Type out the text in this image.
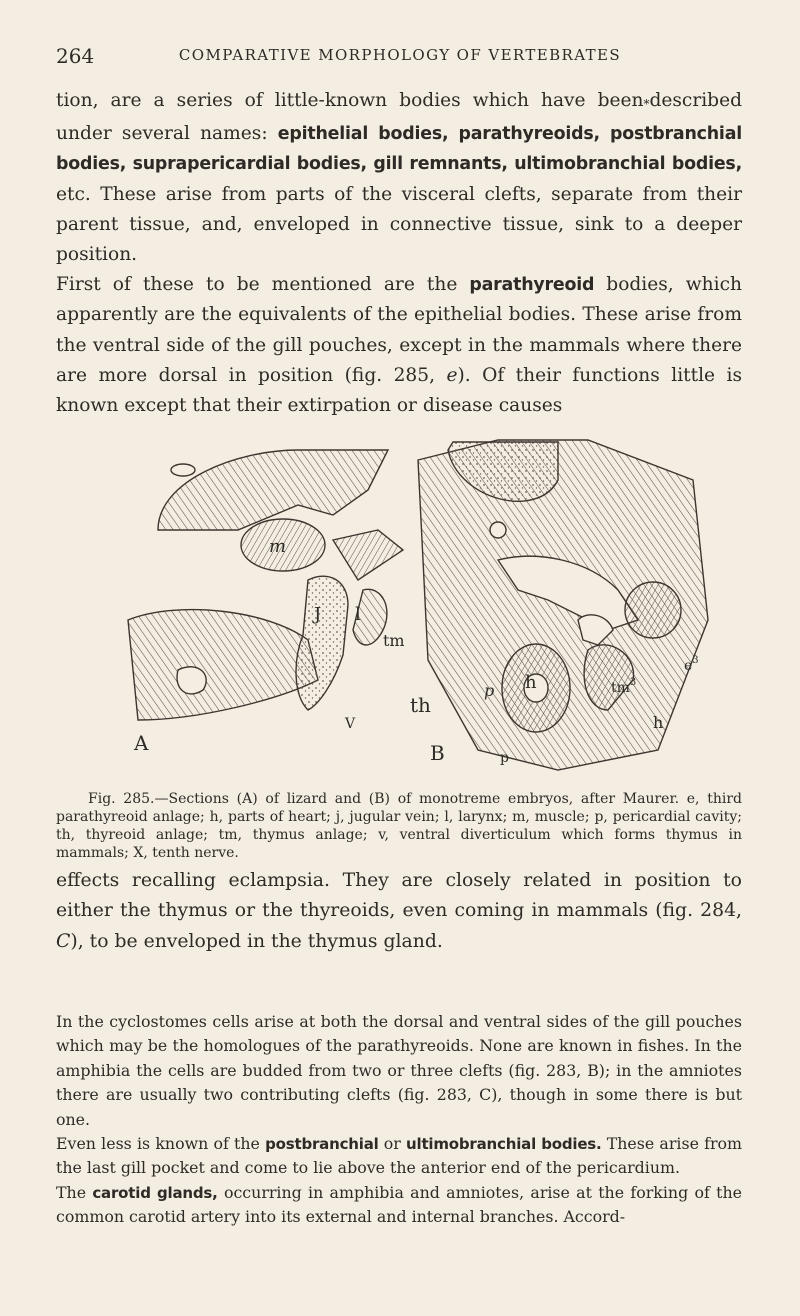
264	COMPARATIVE MORPHOLOGY OF VERTEBRATES

tion, are a series of little-known bodies which have been*described under several names: epithelial bodies, parathyreoids, postbranchial bodies, suprapericardial bodies, gill remnants, ultimobranchial bodies, etc. These arise from parts of the visceral clefts, separate from their parent tissue, and, enveloped in connective tissue, sink to a deeper position.

First of these to be mentioned are the parathyreoid bodies, which apparently are the equivalents of the epithelial bodies. These arise from the ventral side of the gill pouches, except in the mammals where there are more dorsal in position (fig. 285, e). Of their functions little is known except that their extirpation or disease causes

A
m
J l
tm
V
th
B
p h
$e^3$
$tm^3$
h
p
Fig. 285.—Sections (A) of lizard and (B) of monotreme embryos, after Maurer. e, third parathyreoid anlage; h, parts of heart; j, jugular vein; l, larynx; m, muscle; p, pericardial cavity; th, thyreoid anlage; tm, thymus anlage; v, ventral diverticulum which forms thymus in mammals; X, tenth nerve.

effects recalling eclampsia. They are closely related in position to either the thymus or the thyreoids, even coming in mammals (fig. 284, C), to be enveloped in the thymus gland.

In the cyclostomes cells arise at both the dorsal and ventral sides of the gill pouches which may be the homologues of the parathyreoids. None are known in fishes. In the amphibia the cells are budded from two or three clefts (fig. 283, B); in the amniotes there are usually two contributing clefts (fig. 283, C), though in some there is but one.

Even less is known of the postbranchial or ultimobranchial bodies. These arise from the last gill pocket and come to lie above the anterior end of the pericardium.

The carotid glands, occurring in amphibia and amniotes, arise at the forking of the common carotid artery into its external and internal branches. Accord-
